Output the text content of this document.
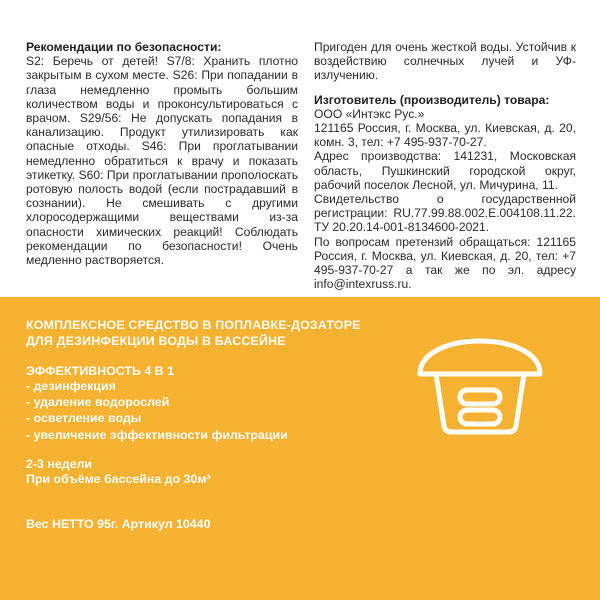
Рекомендации по безопасности:
S2: Беречь от детей! S7/8: Хранить плотно закрытым в сухом месте. S26: При попадании в глаза немедленно промыть большим количеством воды и проконсультироваться с врачом. S29/56: Не допускать попадания в канализацию. Продукт утилизировать как опасные отходы. S46: При проглатывании немедленно обратиться к врачу и показать этикетку. S60: При проглатывании прополоскать ротовую полость водой (если пострадавший в сознании). Не смешивать с другими хлоросодержащими веществами из-за опасности химических реакций! Соблюдать рекомендации по безопасности! Очень медленно растворяется.
Пригоден для очень жесткой воды. Устойчив к воздействию солнечных лучей и УФ-излучению.
Изготовитель (производитель) товара:
ООО «Интэкс Рус.»
121165 Россия, г. Москва, ул. Киевская, д. 20, комн. 3, тел: +7 495-937-70-27.
Адрес производства: 141231, Московская область, Пушкинский городской округ, рабочий поселок Лесной, ул. Мичурина, 11.
Свидетельство о государственной регистрации: RU.77.99.88.002.Е.004108.11.22. ТУ 20.20.14-001-8134600-2021.
По вопросам претензий обращаться: 121165 Россия, г. Москва, ул. Киевская, д. 20, тел: +7 495-937-70-27 а так же по эл. адресу info@intexruss.ru.
КОМПЛЕКСНОЕ СРЕДСТВО В ПОПЛАВКЕ-ДОЗАТОРЕ
ДЛЯ ДЕЗИНФЕКЦИИ ВОДЫ В БАССЕЙНЕ
ЭФФЕКТИВНОСТЬ 4 В 1
- дезинфекция
- удаление водорослей
- осветление воды
- увеличение эффективности фильтрации
2-3 недели
При объёме бассейна до 30м³
Вес НЕТТО 95г. Артикул 10440
